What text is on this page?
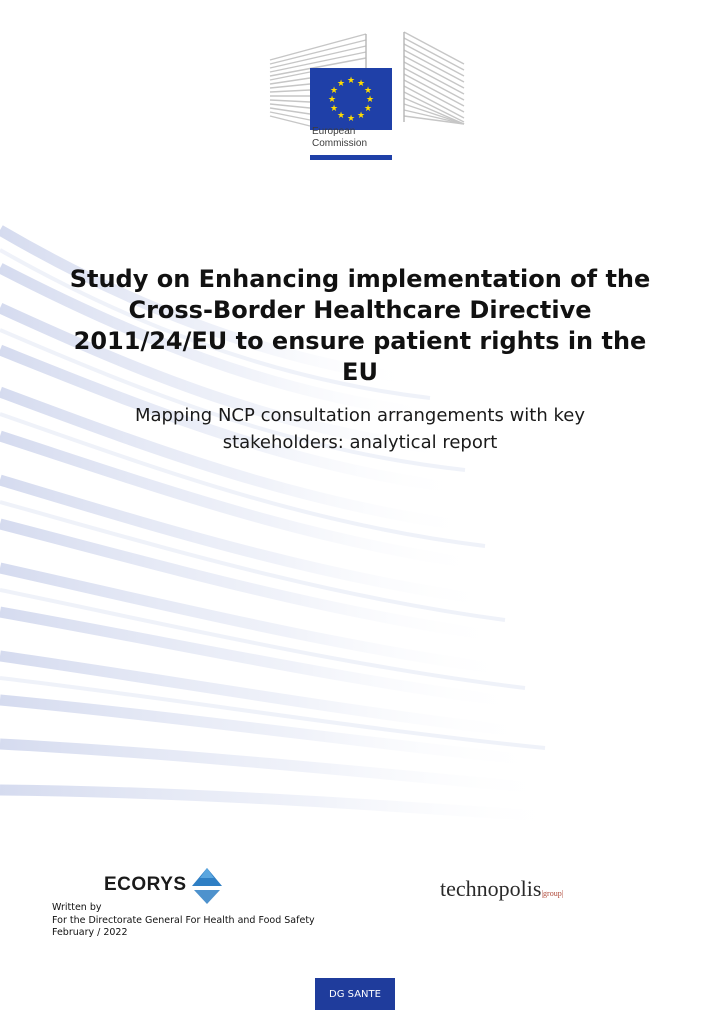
★ ★
★
★
★
★
★
★
★
★
★
★
European
Commission
Study on Enhancing implementation of the Cross-Border Healthcare Directive 2011/24/EU to ensure patient rights in the EU

Mapping NCP consultation arrangements with key stakeholders: analytical report

ECORYS	technopolis|group|
Written by
For the Directorate General For Health and Food Safety
February / 2022
DG SANTE
